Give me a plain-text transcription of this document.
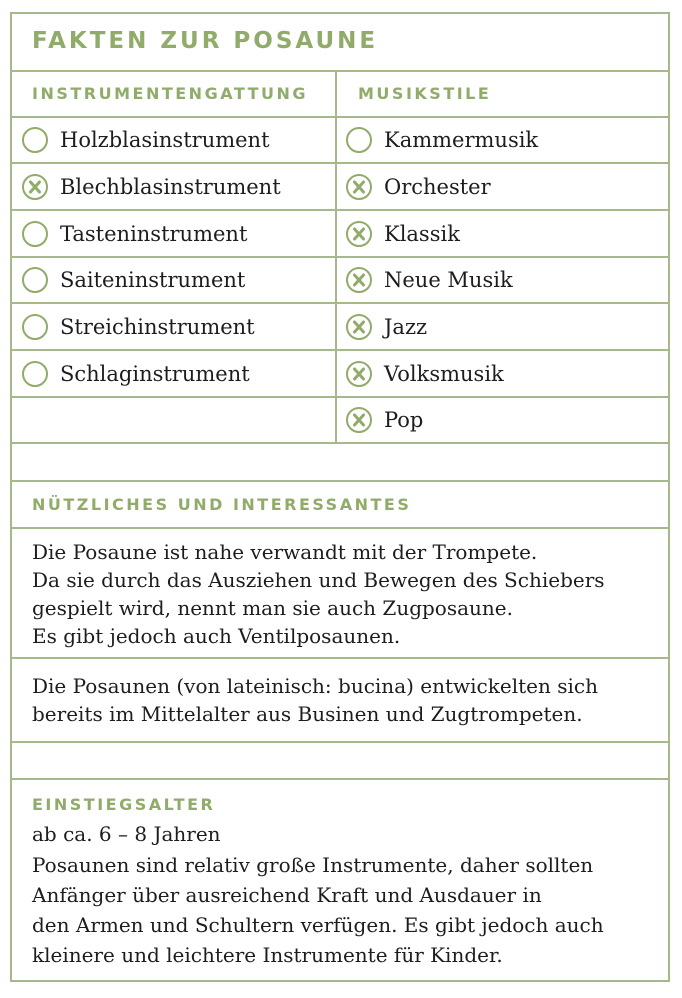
FAKTEN ZUR POSAUNE
INSTRUMENTENGATTUNG	MUSIKSTILE
Holzblasinstrument
Blechblasinstrument
Tasteninstrument
Saiteninstrument
Streichinstrument
Schlaginstrument
Kammermusik
Orchester
Klassik
Neue Musik
Jazz
Volksmusik
Pop
NÜTZLICHES UND INTERESSANTES
Die Posaune ist nahe verwandt mit der Trompete.
Da sie durch das Ausziehen und Bewegen des Schiebers
gespielt wird, nennt man sie auch Zugposaune.
Es gibt jedoch auch Ventilposaunen.
Die Posaunen (von lateinisch: bucina) entwickelten sich
bereits im Mittelalter aus Businen und Zugtrompeten.
EINSTIEGSALTER
ab ca. 6 – 8 Jahren
Posaunen sind relativ große Instrumente, daher sollten
Anfänger über ausreichend Kraft und Ausdauer in
den Armen und Schultern verfügen. Es gibt jedoch auch
kleinere und leichtere Instrumente für Kinder.
